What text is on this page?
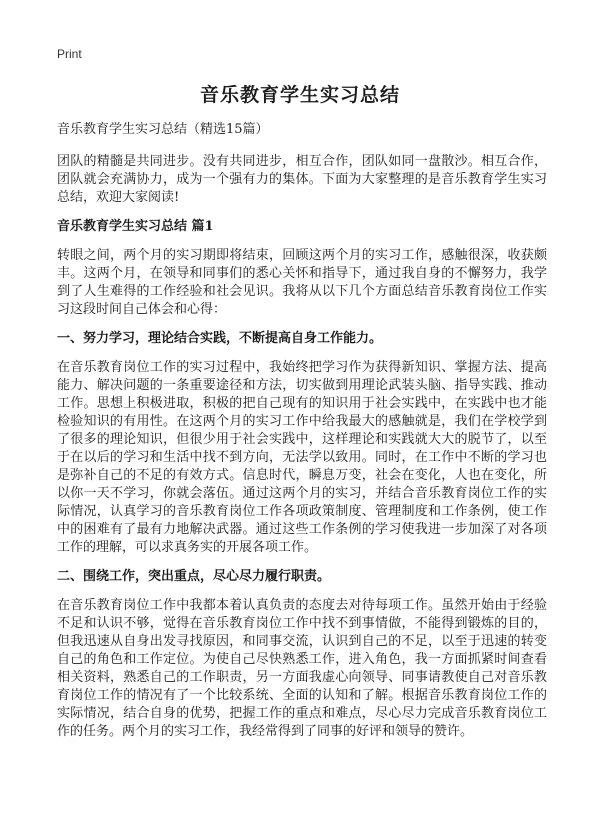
Print
音乐教育学生实习总结

音乐教育学生实习总结（精选15篇）

团队的精髓是共同进步。没有共同进步，相互合作，团队如同一盘散沙。相互合作，团队就会充满协力，成为一个强有力的集体。下面为大家整理的是音乐教育学生实习总结，欢迎大家阅读!

音乐教育学生实习总结 篇1

转眼之间，两个月的实习期即将结束，回顾这两个月的实习工作，感触很深，收获颇丰。这两个月，在领导和同事们的悉心关怀和指导下，通过我自身的不懈努力，我学到了人生难得的工作经验和社会见识。我将从以下几个方面总结音乐教育岗位工作实习这段时间自己体会和心得：

一、努力学习，理论结合实践，不断提高自身工作能力。

在音乐教育岗位工作的实习过程中，我始终把学习作为获得新知识、掌握方法、提高能力、解决问题的一条重要途径和方法，切实做到用理论武装头脑、指导实践、推动工作。思想上积极进取，积极的把自己现有的知识用于社会实践中，在实践中也才能检验知识的有用性。在这两个月的实习工作中给我最大的感触就是，我们在学校学到了很多的理论知识，但很少用于社会实践中，这样理论和实践就大大的脱节了，以至于在以后的学习和生活中找不到方向，无法学以致用。同时，在工作中不断的学习也是弥补自己的不足的有效方式。信息时代，瞬息万变，社会在变化，人也在变化，所以你一天不学习，你就会落伍。通过这两个月的实习，并结合音乐教育岗位工作的实际情况，认真学习的音乐教育岗位工作各项政策制度、管理制度和工作条例，使工作中的困难有了最有力地解决武器。通过这些工作条例的学习使我进一步加深了对各项工作的理解，可以求真务实的开展各项工作。

二、围绕工作，突出重点，尽心尽力履行职责。

在音乐教育岗位工作中我都本着认真负责的态度去对待每项工作。虽然开始由于经验不足和认识不够，觉得在音乐教育岗位工作中找不到事情做，不能得到锻炼的目的，但我迅速从自身出发寻找原因，和同事交流，认识到自己的不足，以至于迅速的转变自己的角色和工作定位。为使自己尽快熟悉工作，进入角色，我一方面抓紧时间查看相关资料，熟悉自己的工作职责，另一方面我虚心向领导、同事请教使自己对音乐教育岗位工作的情况有了一个比较系统、全面的认知和了解。根据音乐教育岗位工作的实际情况，结合自身的优势，把握工作的重点和难点，尽心尽力完成音乐教育岗位工作的任务。两个月的实习工作，我经常得到了同事的好评和领导的赞许。
